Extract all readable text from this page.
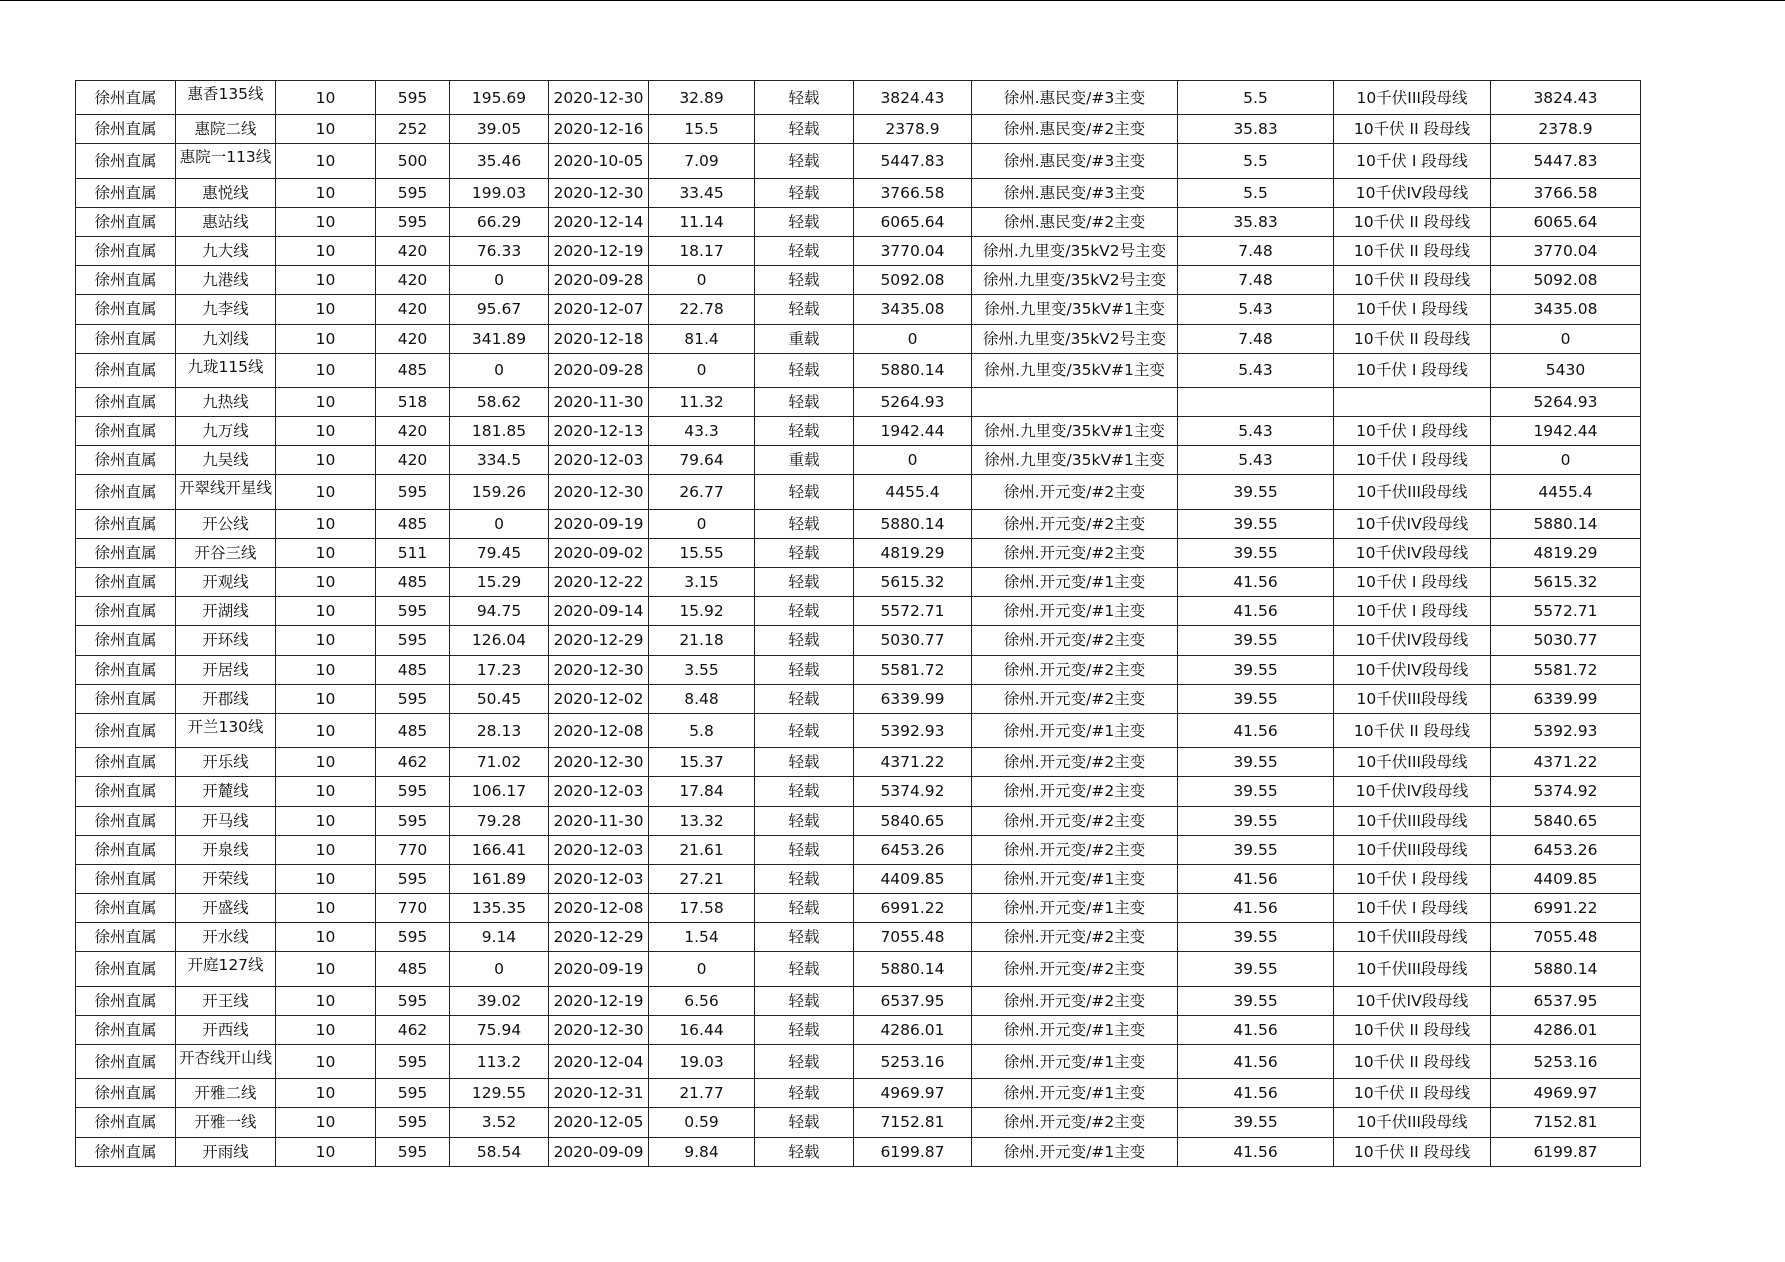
徐州直属	惠香135线	10	595	195.69	2020-12-30	32.89	轻载	3824.43	徐州.惠民变/#3主变	5.5	10千伏III段母线	3824.43
徐州直属	惠院二线	10	252	39.05	2020-12-16	15.5	轻载	2378.9	徐州.惠民变/#2主变	35.83	10千伏 II 段母线	2378.9
徐州直属	惠院一113线	10	500	35.46	2020-10-05	7.09	轻载	5447.83	徐州.惠民变/#3主变	5.5	10千伏 I 段母线	5447.83
徐州直属	惠悦线	10	595	199.03	2020-12-30	33.45	轻载	3766.58	徐州.惠民变/#3主变	5.5	10千伏IV段母线	3766.58
徐州直属	惠站线	10	595	66.29	2020-12-14	11.14	轻载	6065.64	徐州.惠民变/#2主变	35.83	10千伏 II 段母线	6065.64
徐州直属	九大线	10	420	76.33	2020-12-19	18.17	轻载	3770.04	徐州.九里变/35kV2号主变	7.48	10千伏 II 段母线	3770.04
徐州直属	九港线	10	420	0	2020-09-28	0	轻载	5092.08	徐州.九里变/35kV2号主变	7.48	10千伏 II 段母线	5092.08
徐州直属	九李线	10	420	95.67	2020-12-07	22.78	轻载	3435.08	徐州.九里变/35kV#1主变	5.43	10千伏 I 段母线	3435.08
徐州直属	九刘线	10	420	341.89	2020-12-18	81.4	重载	0	徐州.九里变/35kV2号主变	7.48	10千伏 II 段母线	0
徐州直属	九珑115线	10	485	0	2020-09-28	0	轻载	5880.14	徐州.九里变/35kV#1主变	5.43	10千伏 I 段母线	5430
徐州直属	九热线	10	518	58.62	2020-11-30	11.32	轻载	5264.93				5264.93
徐州直属	九万线	10	420	181.85	2020-12-13	43.3	轻载	1942.44	徐州.九里变/35kV#1主变	5.43	10千伏 I 段母线	1942.44
徐州直属	九吴线	10	420	334.5	2020-12-03	79.64	重载	0	徐州.九里变/35kV#1主变	5.43	10千伏 I 段母线	0
徐州直属	开翠线开星线	10	595	159.26	2020-12-30	26.77	轻载	4455.4	徐州.开元变/#2主变	39.55	10千伏III段母线	4455.4
徐州直属	开公线	10	485	0	2020-09-19	0	轻载	5880.14	徐州.开元变/#2主变	39.55	10千伏IV段母线	5880.14
徐州直属	开谷三线	10	511	79.45	2020-09-02	15.55	轻载	4819.29	徐州.开元变/#2主变	39.55	10千伏IV段母线	4819.29
徐州直属	开观线	10	485	15.29	2020-12-22	3.15	轻载	5615.32	徐州.开元变/#1主变	41.56	10千伏 I 段母线	5615.32
徐州直属	开湖线	10	595	94.75	2020-09-14	15.92	轻载	5572.71	徐州.开元变/#1主变	41.56	10千伏 I 段母线	5572.71
徐州直属	开环线	10	595	126.04	2020-12-29	21.18	轻载	5030.77	徐州.开元变/#2主变	39.55	10千伏IV段母线	5030.77
徐州直属	开居线	10	485	17.23	2020-12-30	3.55	轻载	5581.72	徐州.开元变/#2主变	39.55	10千伏IV段母线	5581.72
徐州直属	开郡线	10	595	50.45	2020-12-02	8.48	轻载	6339.99	徐州.开元变/#2主变	39.55	10千伏III段母线	6339.99
徐州直属	开兰130线	10	485	28.13	2020-12-08	5.8	轻载	5392.93	徐州.开元变/#1主变	41.56	10千伏 II 段母线	5392.93
徐州直属	开乐线	10	462	71.02	2020-12-30	15.37	轻载	4371.22	徐州.开元变/#2主变	39.55	10千伏III段母线	4371.22
徐州直属	开麓线	10	595	106.17	2020-12-03	17.84	轻载	5374.92	徐州.开元变/#2主变	39.55	10千伏IV段母线	5374.92
徐州直属	开马线	10	595	79.28	2020-11-30	13.32	轻载	5840.65	徐州.开元变/#2主变	39.55	10千伏III段母线	5840.65
徐州直属	开泉线	10	770	166.41	2020-12-03	21.61	轻载	6453.26	徐州.开元变/#2主变	39.55	10千伏III段母线	6453.26
徐州直属	开荣线	10	595	161.89	2020-12-03	27.21	轻载	4409.85	徐州.开元变/#1主变	41.56	10千伏 I 段母线	4409.85
徐州直属	开盛线	10	770	135.35	2020-12-08	17.58	轻载	6991.22	徐州.开元变/#1主变	41.56	10千伏 I 段母线	6991.22
徐州直属	开水线	10	595	9.14	2020-12-29	1.54	轻载	7055.48	徐州.开元变/#2主变	39.55	10千伏III段母线	7055.48
徐州直属	开庭127线	10	485	0	2020-09-19	0	轻载	5880.14	徐州.开元变/#2主变	39.55	10千伏III段母线	5880.14
徐州直属	开王线	10	595	39.02	2020-12-19	6.56	轻载	6537.95	徐州.开元变/#2主变	39.55	10千伏IV段母线	6537.95
徐州直属	开西线	10	462	75.94	2020-12-30	16.44	轻载	4286.01	徐州.开元变/#1主变	41.56	10千伏 II 段母线	4286.01
徐州直属	开杏线开山线	10	595	113.2	2020-12-04	19.03	轻载	5253.16	徐州.开元变/#1主变	41.56	10千伏 II 段母线	5253.16
徐州直属	开雅二线	10	595	129.55	2020-12-31	21.77	轻载	4969.97	徐州.开元变/#1主变	41.56	10千伏 II 段母线	4969.97
徐州直属	开雅一线	10	595	3.52	2020-12-05	0.59	轻载	7152.81	徐州.开元变/#2主变	39.55	10千伏III段母线	7152.81
徐州直属	开雨线	10	595	58.54	2020-09-09	9.84	轻载	6199.87	徐州.开元变/#1主变	41.56	10千伏 II 段母线	6199.87
